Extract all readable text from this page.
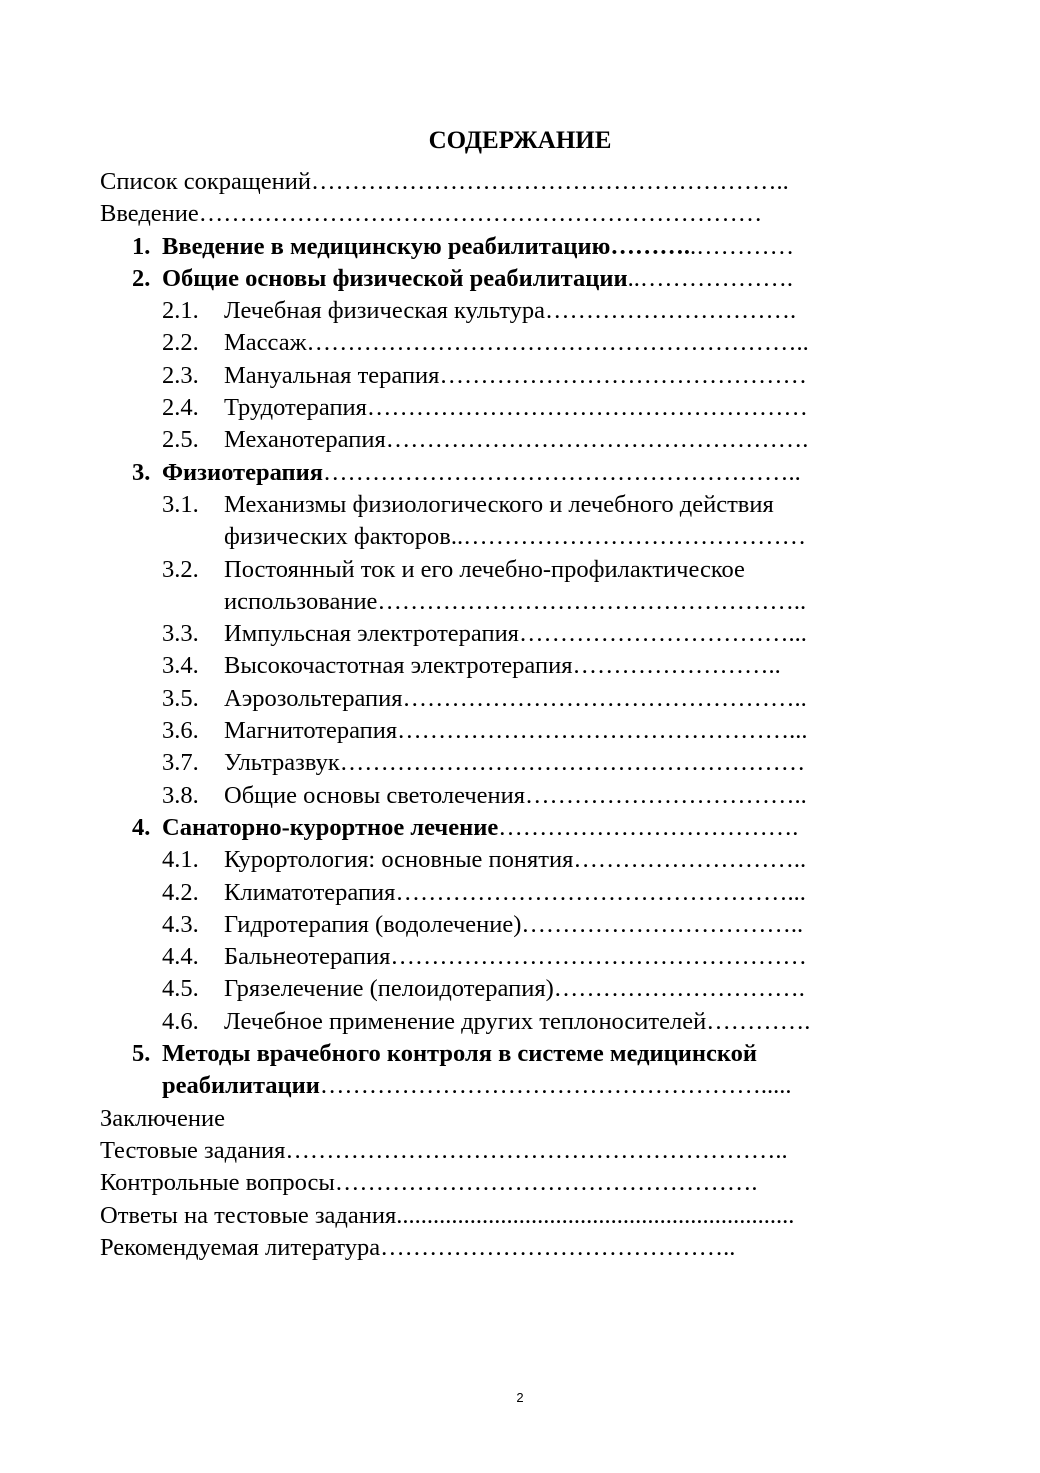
СОДЕРЖАНИЕ
Список сокращений…………………………………………………..
Введение……………………………………………………………
1. Введение в медицинскую реабилитацию………..…………
2. Общие основы физической реабилитации..……………….
2.1. Лечебная физическая культура………………………….
2.2. Массаж……………………………………………………..
2.3. Мануальная терапия………………………………………
2.4. Трудотерапия………………………………………………
2.5. Механотерапия…………………………………………….
3. Физиотерапия…………………………………………………..
3.1. Механизмы физиологического и лечебного действия
физических факторов..……………………………………
3.2. Постоянный ток и его лечебно-профилактическое
использование……………………………………………..
3.3. Импульсная электротерапия……………………………...
3.4. Высокочастотная электротерапия……………………..
3.5. Аэрозольтерапия…………………………………………..
3.6. Магнитотерапия…………………………………………...
3.7. Ультразвук…………………………………………………
3.8. Общие основы светолечения……………………………..
4. Санаторно-курортное лечение……………………………….
4.1. Курортология: основные понятия………………………..
4.2. Климатотерапия…………………………………………...
4.3. Гидротерапия (водолечение)……………………………..
4.4. Бальнеотерапия……………………………………………
4.5. Грязелечение (пелоидотерапия)………………………….
4.6. Лечебное применение других теплоносителей………….
5. Методы врачебного контроля в системе медицинской
реабилитации……………………………………………….....
Заключение
Тестовые задания……………………………………………………..
Контрольные вопросы…………………………………………….
Ответы на тестовые задания.................................................................
Рекомендуемая литература……………………………………..
2
